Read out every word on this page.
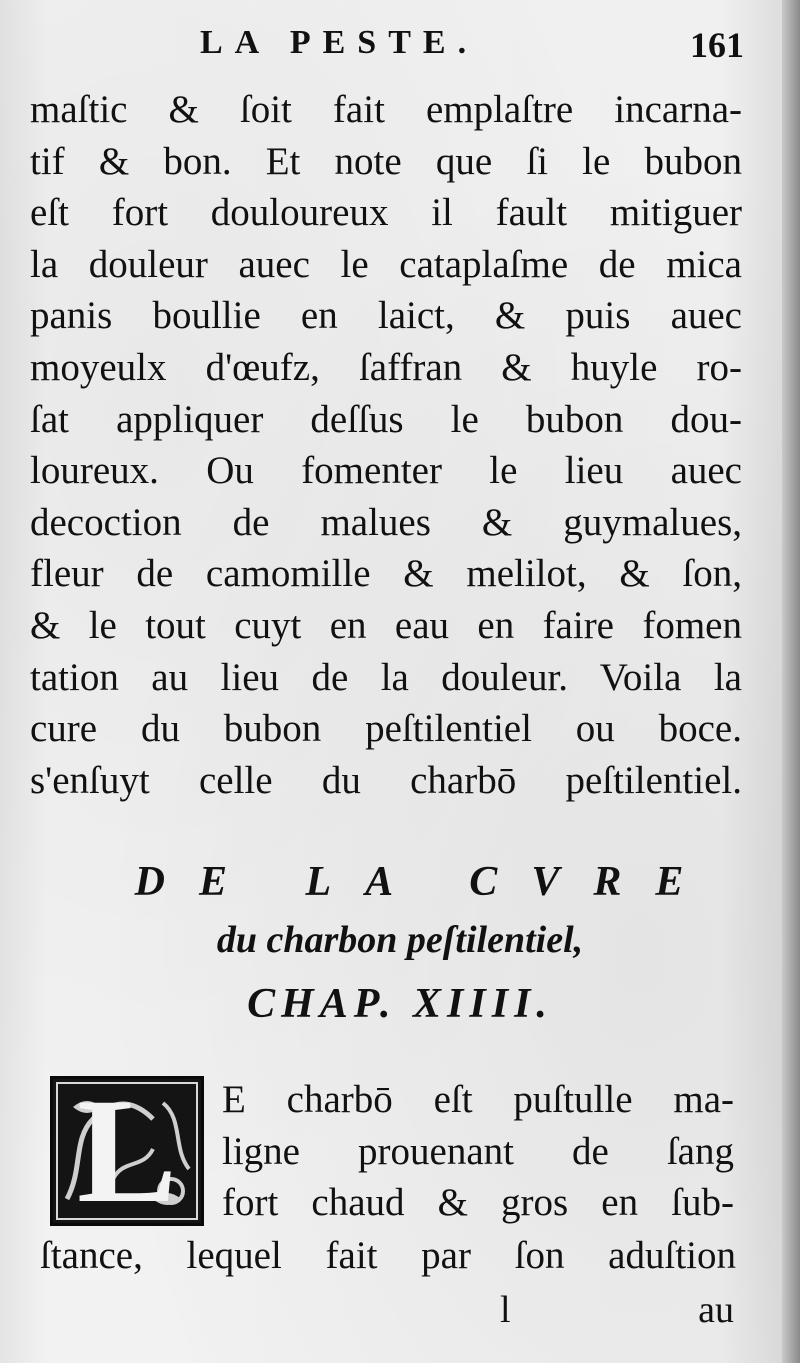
LA PESTE.	161
maſtic & ſoit fait emplaſtre incarna-
tif & bon. Et note que ſi le bubon
eſt fort douloureux il fault mitiguer
la douleur auec le cataplaſme de mica
panis boullie en laict, & puis auec
moyeulx d'œufz, ſaffran & huyle ro-
ſat appliquer deſſus le bubon dou-
loureux. Ou fomenter le lieu auec
decoction de malues & guymalues,
fleur de camomille & melilot, & ſon,
& le tout cuyt en eau en faire fomen
tation au lieu de la douleur. Voila la
cure du bubon peſtilentiel ou boce.
s'enſuyt celle du charbō peſtilentiel.
DE LA CVRE
du charbon peſtilentiel,
CHAP. XIIII.
L	E charbō eſt puſtulle ma-
ligne prouenant de ſang
fort chaud & gros en ſub-
ſtance, lequel fait par ſon aduſtion
l	au
